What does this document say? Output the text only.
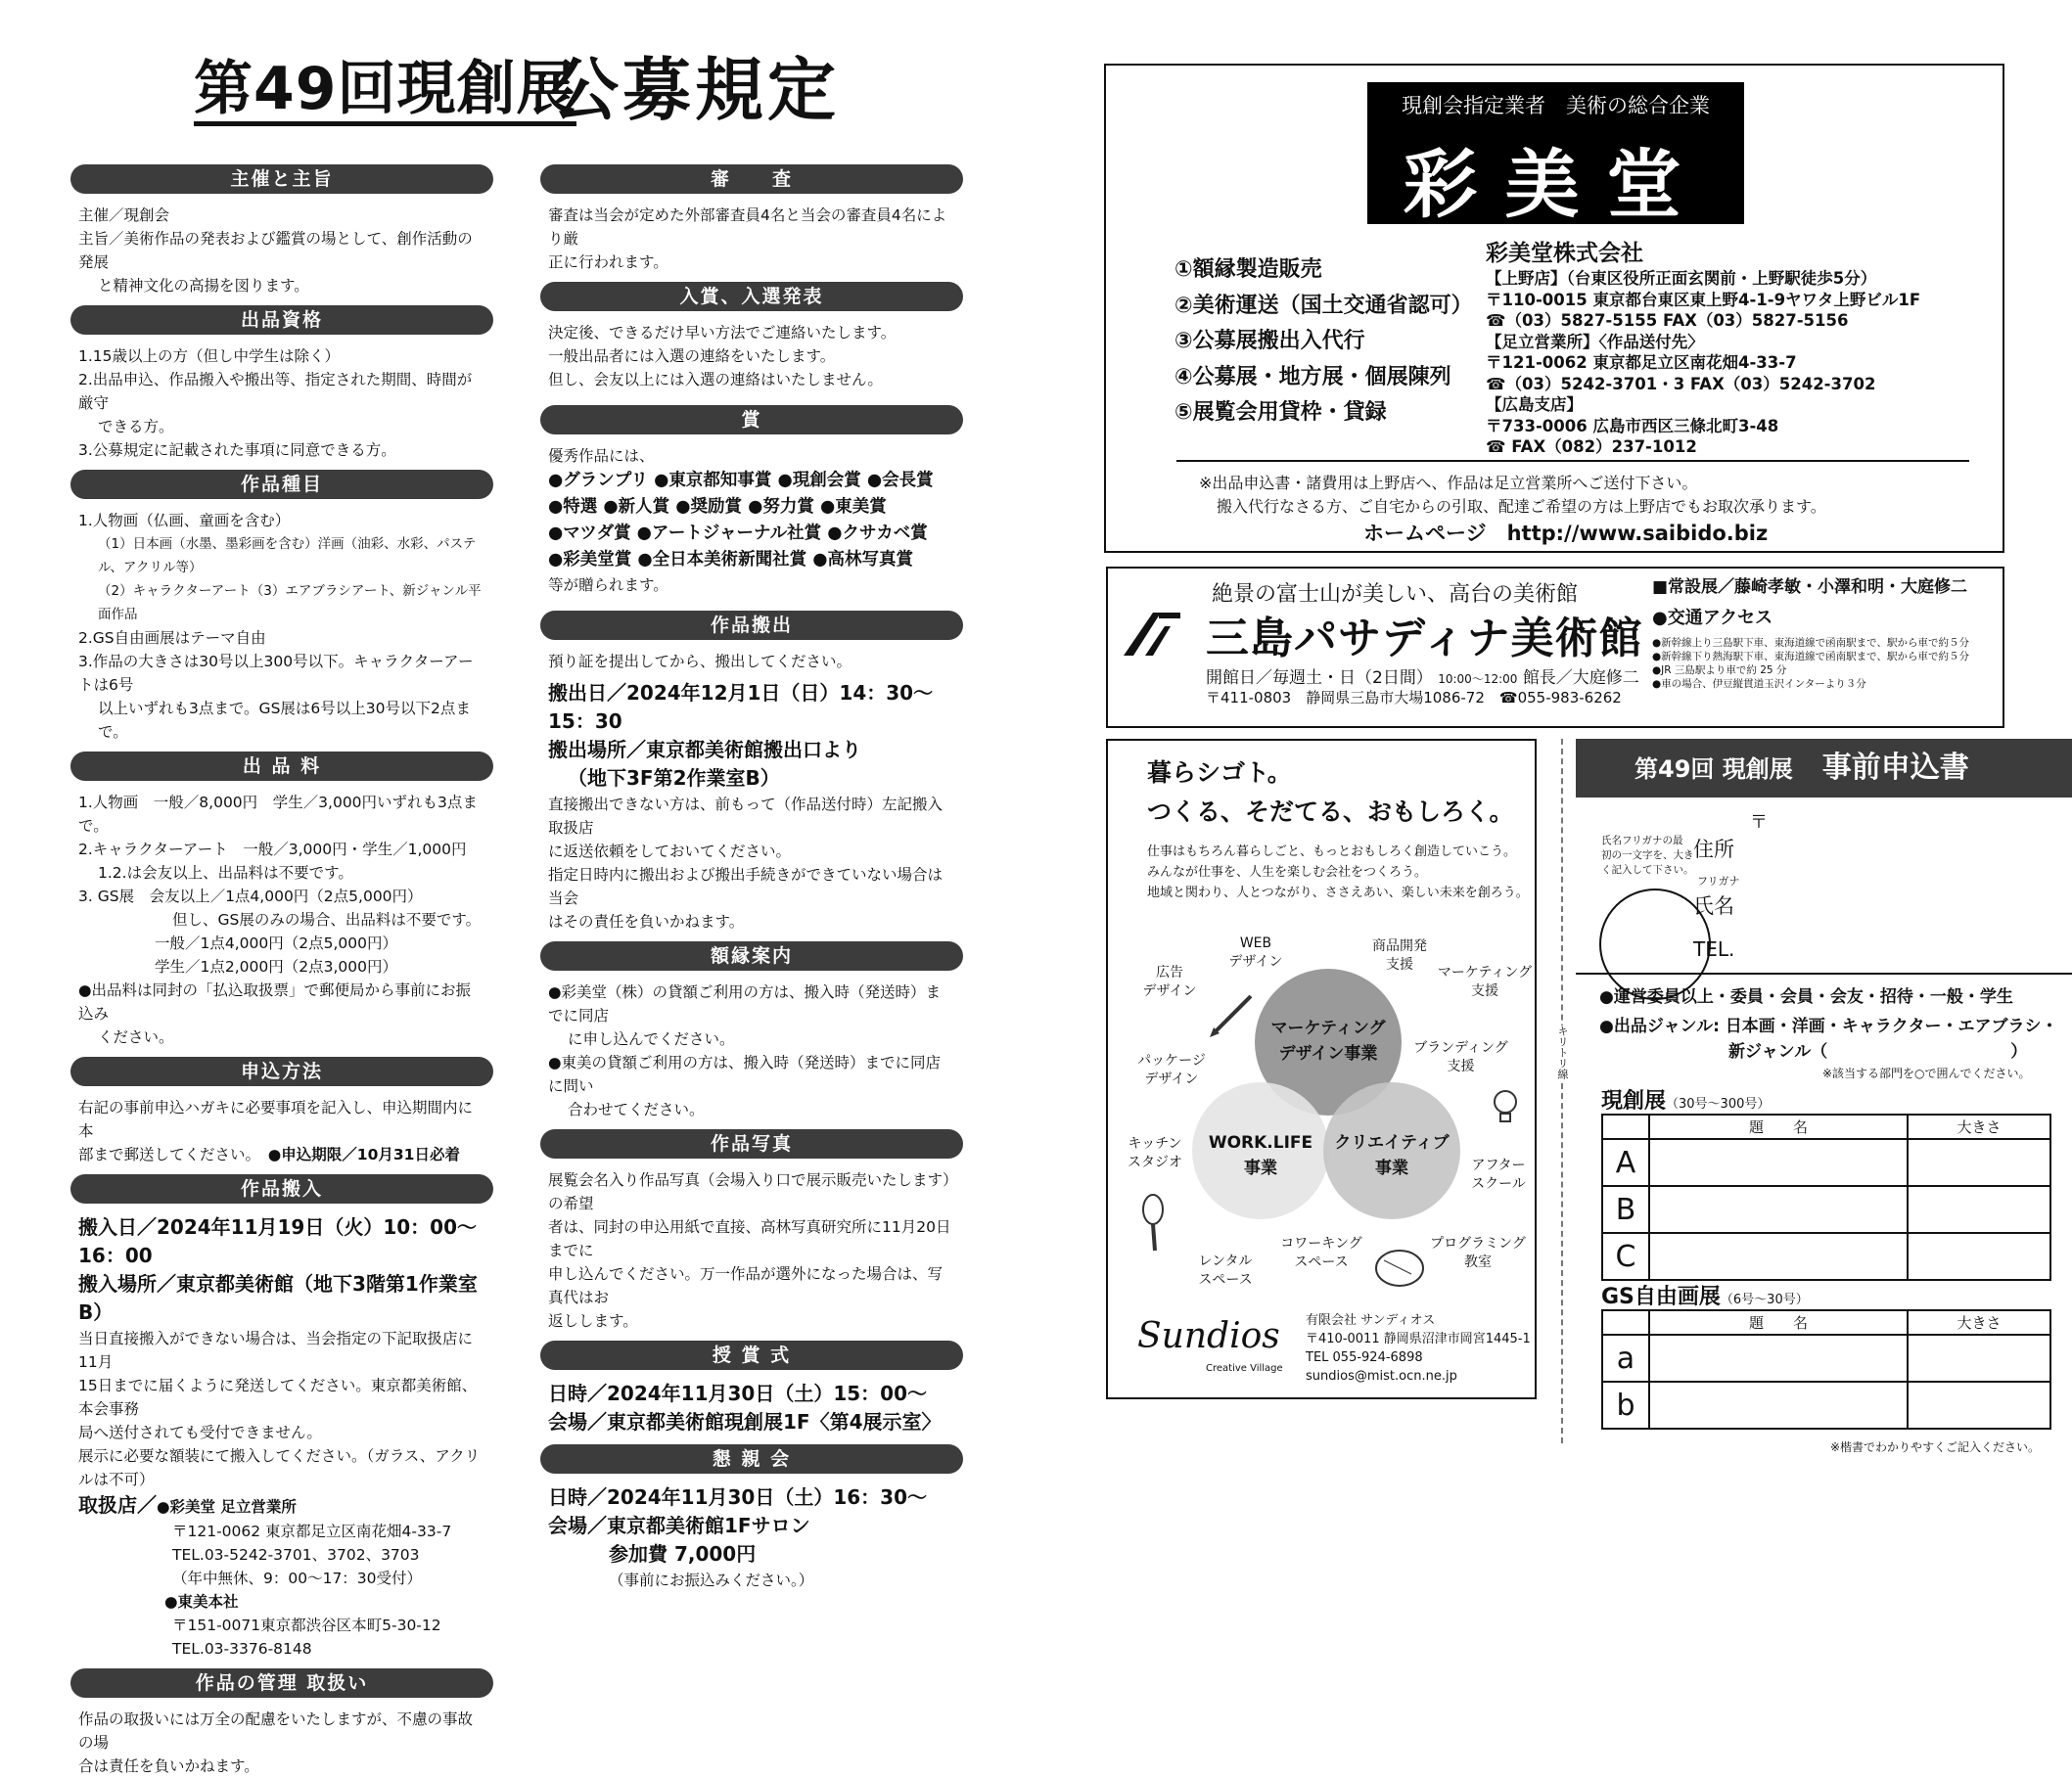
第49回現創展
公募規定
主催と主旨

主催／現創会

主旨／美術作品の発表および鑑賞の場として、創作活動の発展

と精神文化の高揚を図ります。

出品資格

1.15歳以上の方（但し中学生は除く）

2.出品申込、作品搬入や搬出等、指定された期間、時間が厳守

できる方。

3.公募規定に記載された事項に同意できる方。

作品種目

1.人物画（仏画、童画を含む）

（1）日本画（水墨、墨彩画を含む）洋画（油彩、水彩、パステル、アクリル等）

（2）キャラクターアート（3）エアブラシアート、新ジャンル平面作品

2.GS自由画展はテーマ自由

3.作品の大きさは30号以上300号以下。キャラクターアートは6号

以上いずれも3点まで。GS展は6号以上30号以下2点まで。

出 品 料

1.人物画　一般／8,000円　学生／3,000円いずれも3点まで。

2.キャラクターアート　一般／3,000円・学生／1,000円

1.2.は会友以上、出品料は不要です。

3. GS展　会友以上／1点4,000円（2点5,000円）

但し、GS展のみの場合、出品料は不要です。

一般／1点4,000円（2点5,000円）

学生／1点2,000円（2点3,000円）

●出品料は同封の「払込取扱票」で郵便局から事前にお振込み

ください。

申込方法

右記の事前申込ハガキに必要事項を記入し、申込期間内に本

部まで郵送してください。　 ●申込期限／10月31日必着

作品搬入

搬入日／2024年11月19日（火）10：00〜16：00

搬入場所／東京都美術館（地下3階第1作業室B）

当日直接搬入ができない場合は、当会指定の下記取扱店に11月

15日までに届くように発送してください。東京都美術館、本会事務

局へ送付されても受付できません。

展示に必要な額装にて搬入してください。（ガラス、アクリルは不可）

取扱店／●彩美堂 足立営業所

〒121-0062 東京都足立区南花畑4-33-7

TEL.03-5242-3701、3702、3703

（年中無休、9：00〜17：30受付）

●東美本社

〒151-0071東京都渋谷区本町5-30-12

TEL.03-3376-8148

作品の管理 取扱い

作品の取扱いには万全の配慮をいたしますが、不慮の事故の場

合は責任を負いかねます。

審　　査

審査は当会が定めた外部審査員4名と当会の審査員4名により厳

正に行われます。

入賞、入選発表

決定後、できるだけ早い方法でご連絡いたします。

一般出品者には入選の連絡をいたします。

但し、会友以上には入選の連絡はいたしません。

賞

優秀作品には、

●グランプリ ●東京都知事賞 ●現創会賞 ●会長賞

●特選 ●新人賞 ●奨励賞 ●努力賞 ●東美賞

●マツダ賞 ●アートジャーナル社賞 ●クサカベ賞

●彩美堂賞 ●全日本美術新聞社賞 ●高林写真賞

等が贈られます。

作品搬出

預り証を提出してから、搬出してください。

搬出日／2024年12月1日（日）14：30〜15：30

搬出場所／東京都美術館搬出口より

（地下3F第2作業室B）

直接搬出できない方は、前もって（作品送付時）左記搬入取扱店

に返送依頼をしておいてください。

指定日時内に搬出および搬出手続きができていない場合は当会

はその責任を負いかねます。

額縁案内

●彩美堂（株）の貸額ご利用の方は、搬入時（発送時）までに同店

に申し込んでください。

●東美の貸額ご利用の方は、搬入時（発送時）までに同店に問い

合わせてください。

作品写真

展覧会名入り作品写真（会場入り口で展示販売いたします）の希望

者は、同封の申込用紙で直接、高林写真研究所に11月20日までに

申し込んでください。万一作品が選外になった場合は、写真代はお

返しします。

授 賞 式

日時／2024年11月30日（土）15：00〜

会場／東京都美術館現創展1F〈第4展示室〉

懇 親 会

日時／2024年11月30日（土）16：30〜

会場／東京都美術館1Fサロン

参加費 7,000円（事前にお振込みください。）

現創会指定業者　美術の総合企業
彩美堂
①額縁製造販売
②美術運送（国土交通省認可）
③公募展搬出入代行
④公募展・地方展・個展陳列
⑤展覧会用貸枠・貸録
彩美堂株式会社
【上野店】（台東区役所正面玄関前・上野駅徒歩5分）
〒110-0015 東京都台東区東上野4-1-9ヤワタ上野ビル1F
☎（03）5827-5155 FAX（03）5827-5156
【足立営業所】〈作品送付先〉
〒121-0062 東京都足立区南花畑4-33-7
☎（03）5242-3701・3 FAX（03）5242-3702
【広島支店】
〒733-0006 広島市西区三條北町3-48
☎ FAX（082）237-1012
※出品申込書・諸費用は上野店へ、作品は足立営業所へご送付下さい。
搬入代行なさる方、ご自宅からの引取、配達ご希望の方は上野店でもお取次承ります。
ホームページ　 http://www.saibido.biz
絶景の富士山が美しい、高台の美術館
三島パサディナ美術館
開館日／毎週土・日（2日間） 10:00〜12:00 館長／大庭修二
〒411-0803　静岡県三島市大場1086-72　☎055-983-6262
■常設展／藤崎孝敏・小澤和明・大庭修二
●交通アクセス
●新幹線上り三島駅下車、東海道線で函南駅まで、駅から車で約５分
●新幹線下り熱海駅下車、東海道線で函南駅まで、駅から車で約５分
●JR 三島駅より車で約 25 分
●車の場合、伊豆縦貫道玉沢インターより３分
暮らシゴト。
つくる、そだてる、おもしろく。
仕事はもちろん暮らしごと、もっとおもしろく創造していこう。
みんなが仕事を、人生を楽しむ会社をつくろう。
地域と関わり、人とつながり、ささえあい、楽しい未来を創ろう。
マーケティング
デザイン事業
WORK.LIFE
事業
クリエイティブ
事業
広告
デザイン
WEB
デザイン
商品開発
支援	マーケティング
支援
パッケージ
デザイン
ブランディング
支援
キッチン
スタジオ	アフター
スクール
レンタル
スペース
コワーキング
スペース
プログラミング
教室
Sundios
Creative Village
有限会社 サンディオス
〒410-0011 静岡県沼津市岡宮1445-1
TEL 055-924-6898
sundios@mist.ocn.ne.jp
キリトリ線
第49回 現創展　 事前申込書
〒
氏名フリガナの最
初の一文字を、大き
く記入して下さい。
住所
フリガナ
氏名
TEL.
●運営委員以上・委員・会員・会友・招待・一般・学生
●出品ジャンル: 日本画・洋画・キャラクター・エアブラシ・
新ジャンル（　　　　　　　　　　　）
※該当する部門を○で囲んでください。
現創展（30号〜300号）
	題　　名	大きさ
A		
B		
C		
GS自由画展（6号〜30号）
	題　　名	大きさ
a		
b		
※楷書でわかりやすくご記入ください。
